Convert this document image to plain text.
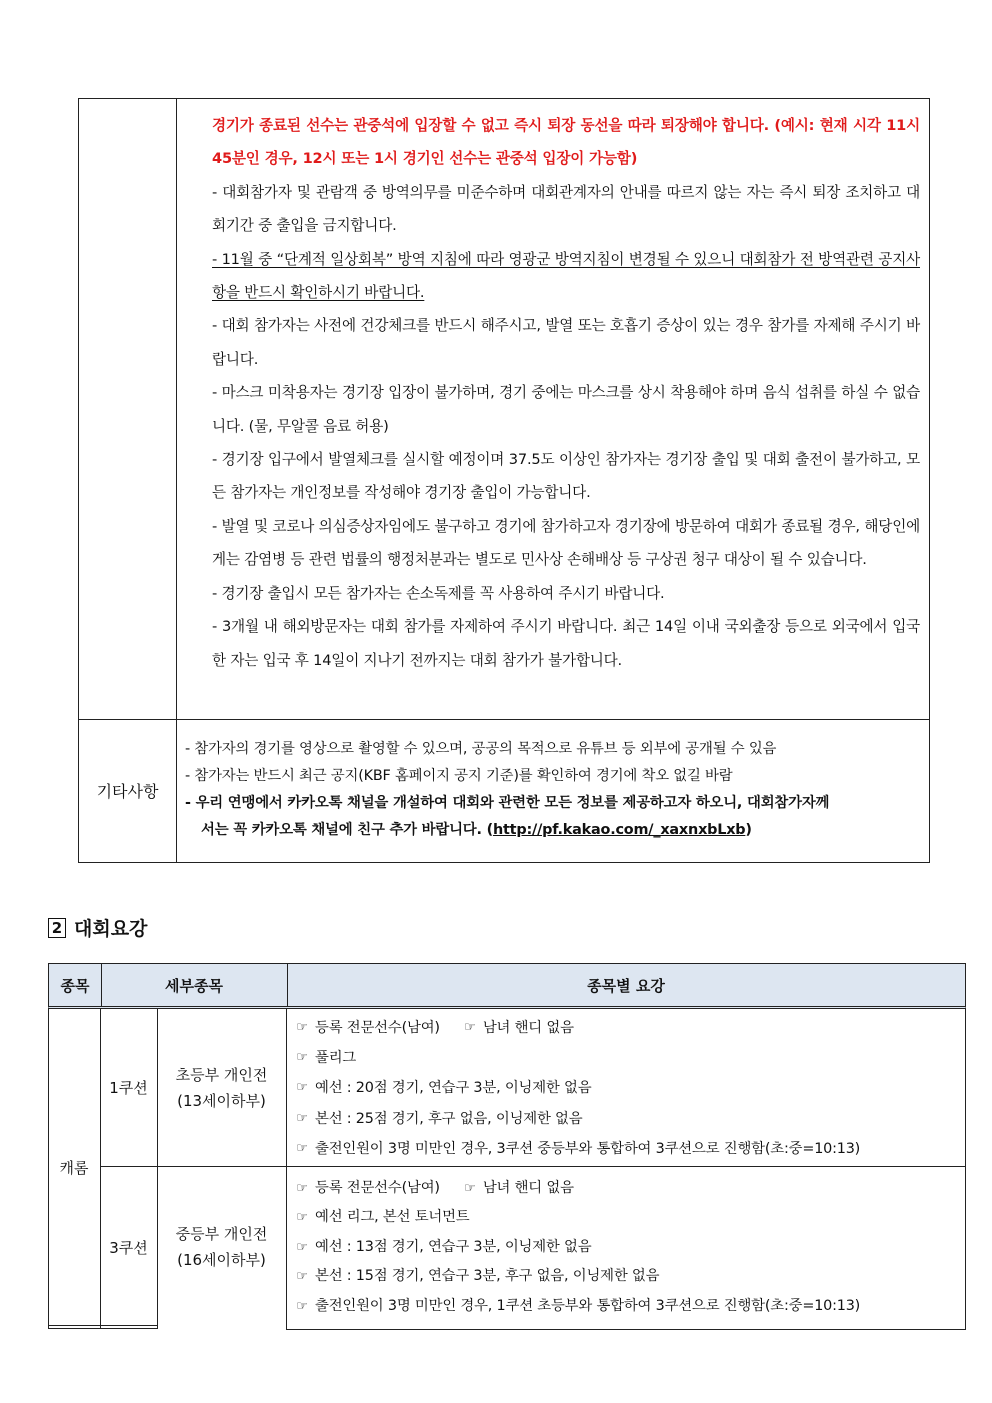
경기가 종료된 선수는 관중석에 입장할 수 없고 즉시 퇴장 동선을 따라 퇴장해야 합니다. (예시: 현재 시각 11시 45분인 경우, 12시 또는 1시 경기인 선수는 관중석 입장이 가능함)

- 대회참가자 및 관람객 중 방역의무를 미준수하며 대회관계자의 안내를 따르지 않는 자는 즉시 퇴장 조치하고 대회기간 중 출입을 금지합니다.

- 11월 중 “단계적 일상회복” 방역 지침에 따라 영광군 방역지침이 변경될 수 있으니 대회참가 전 방역관련 공지사항을 반드시 확인하시기 바랍니다.

- 대회 참가자는 사전에 건강체크를 반드시 해주시고, 발열 또는 호흡기 증상이 있는 경우 참가를 자제해 주시기 바랍니다.

- 마스크 미착용자는 경기장 입장이 불가하며, 경기 중에는 마스크를 상시 착용해야 하며 음식 섭취를 하실 수 없습니다. (물, 무알콜 음료 허용)

- 경기장 입구에서 발열체크를 실시할 예정이며 37.5도 이상인 참가자는 경기장 출입 및 대회 출전이 불가하고, 모든 참가자는 개인정보를 작성해야 경기장 출입이 가능합니다.

- 발열 및 코로나 의심증상자임에도 불구하고 경기에 참가하고자 경기장에 방문하여 대회가 종료될 경우, 해당인에게는 감염병 등 관련 법률의 행정처분과는 별도로 민사상 손해배상 등 구상권 청구 대상이 될 수 있습니다.

- 경기장 출입시 모든 참가자는 손소독제를 꼭 사용하여 주시기 바랍니다.

- 3개월 내 해외방문자는 대회 참가를 자제하여 주시기 바랍니다. 최근 14일 이내 국외출장 등으로 외국에서 입국한 자는 입국 후 14일이 지나기 전까지는 대회 참가가 불가합니다.

기타사항

- 참가자의 경기를 영상으로 촬영할 수 있으며, 공공의 목적으로 유튜브 등 외부에 공개될 수 있음

- 참가자는 반드시 최근 공지(KBF 홈페이지 공지 기준)를 확인하여 경기에 착오 없길 바람

- 우리 연맹에서 카카오톡 채널을 개설하여 대회와 관련한 모든 정보를 제공하고자 하오니, 대회참가자께

서는 꼭 카카오톡 채널에 친구 추가 바랍니다. (http://pf.kakao.com/_xaxnxbLxb)

2 대회요강
종목	세부종목	종목별 요강
캐롬
1쿠션
초등부 개인전
(13세이하부)

☞ 등록 전문선수(남여) ☞ 남녀 핸디 없음

☞ 풀리그

☞ 예선 : 20점 경기, 연습구 3분, 이닝제한 없음

☞ 본선 : 25점 경기, 후구 없음, 이닝제한 없음

☞ 출전인원이 3명 미만인 경우, 3쿠션 중등부와 통합하여 3쿠션으로 진행함(초:중=10:13)

3쿠션
중등부 개인전
(16세이하부)

☞ 등록 전문선수(남여) ☞ 남녀 핸디 없음

☞ 예선 리그, 본선 토너먼트

☞ 예선 : 13점 경기, 연습구 3분, 이닝제한 없음

☞ 본선 : 15점 경기, 연습구 3분, 후구 없음, 이닝제한 없음

☞ 출전인원이 3명 미만인 경우, 1쿠션 초등부와 통합하여 3쿠션으로 진행함(초:중=10:13)
